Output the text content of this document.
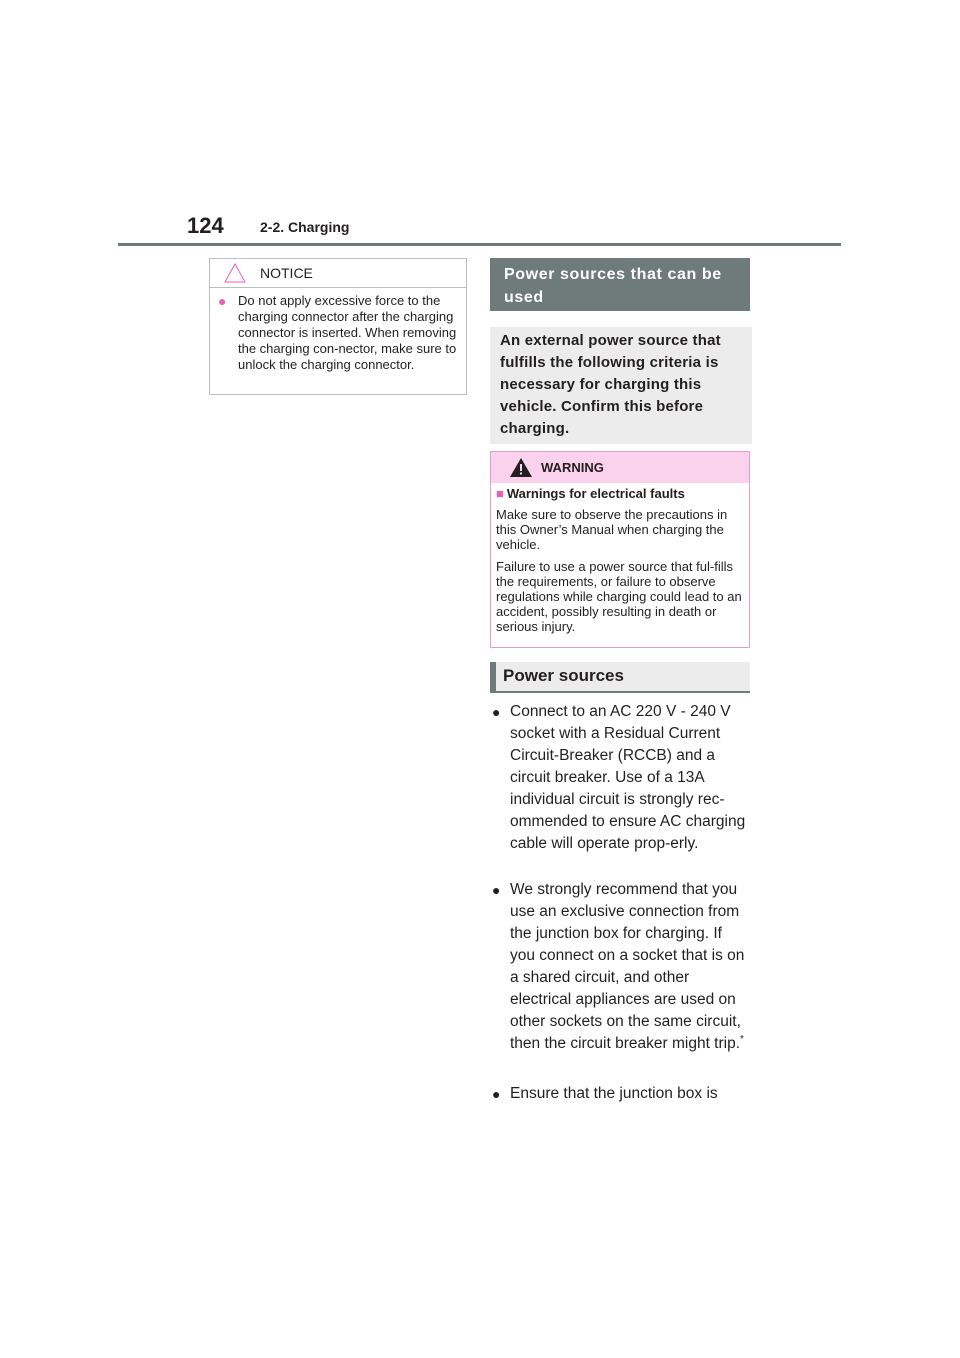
124	2-2. Charging
NOTICE
● Do not apply excessive force to the charging connector after the charging connector is inserted. When removing the charging con-nector, make sure to unlock the charging connector.
Power sources that can be used
An external power source that fulfills the following criteria is necessary for charging this vehicle. Confirm this before charging.
WARNING
■ Warnings for electrical faults
Make sure to observe the precautions in this Owner’s Manual when charging the vehicle.
Failure to use a power source that ful-fills the requirements, or failure to observe regulations while charging could lead to an accident, possibly resulting in death or serious injury.
Power sources
● Connect to an AC 220 V - 240 V socket with a Residual Current Circuit-Breaker (RCCB) and a circuit breaker. Use of a 13A individual circuit is strongly rec-ommended to ensure AC charging cable will operate prop-erly.
● We strongly recommend that you use an exclusive connection from the junction box for charging. If you connect on a socket that is on a shared circuit, and other electrical appliances are used on other sockets on the same circuit, then the circuit breaker might trip.*
● Ensure that the junction box is
